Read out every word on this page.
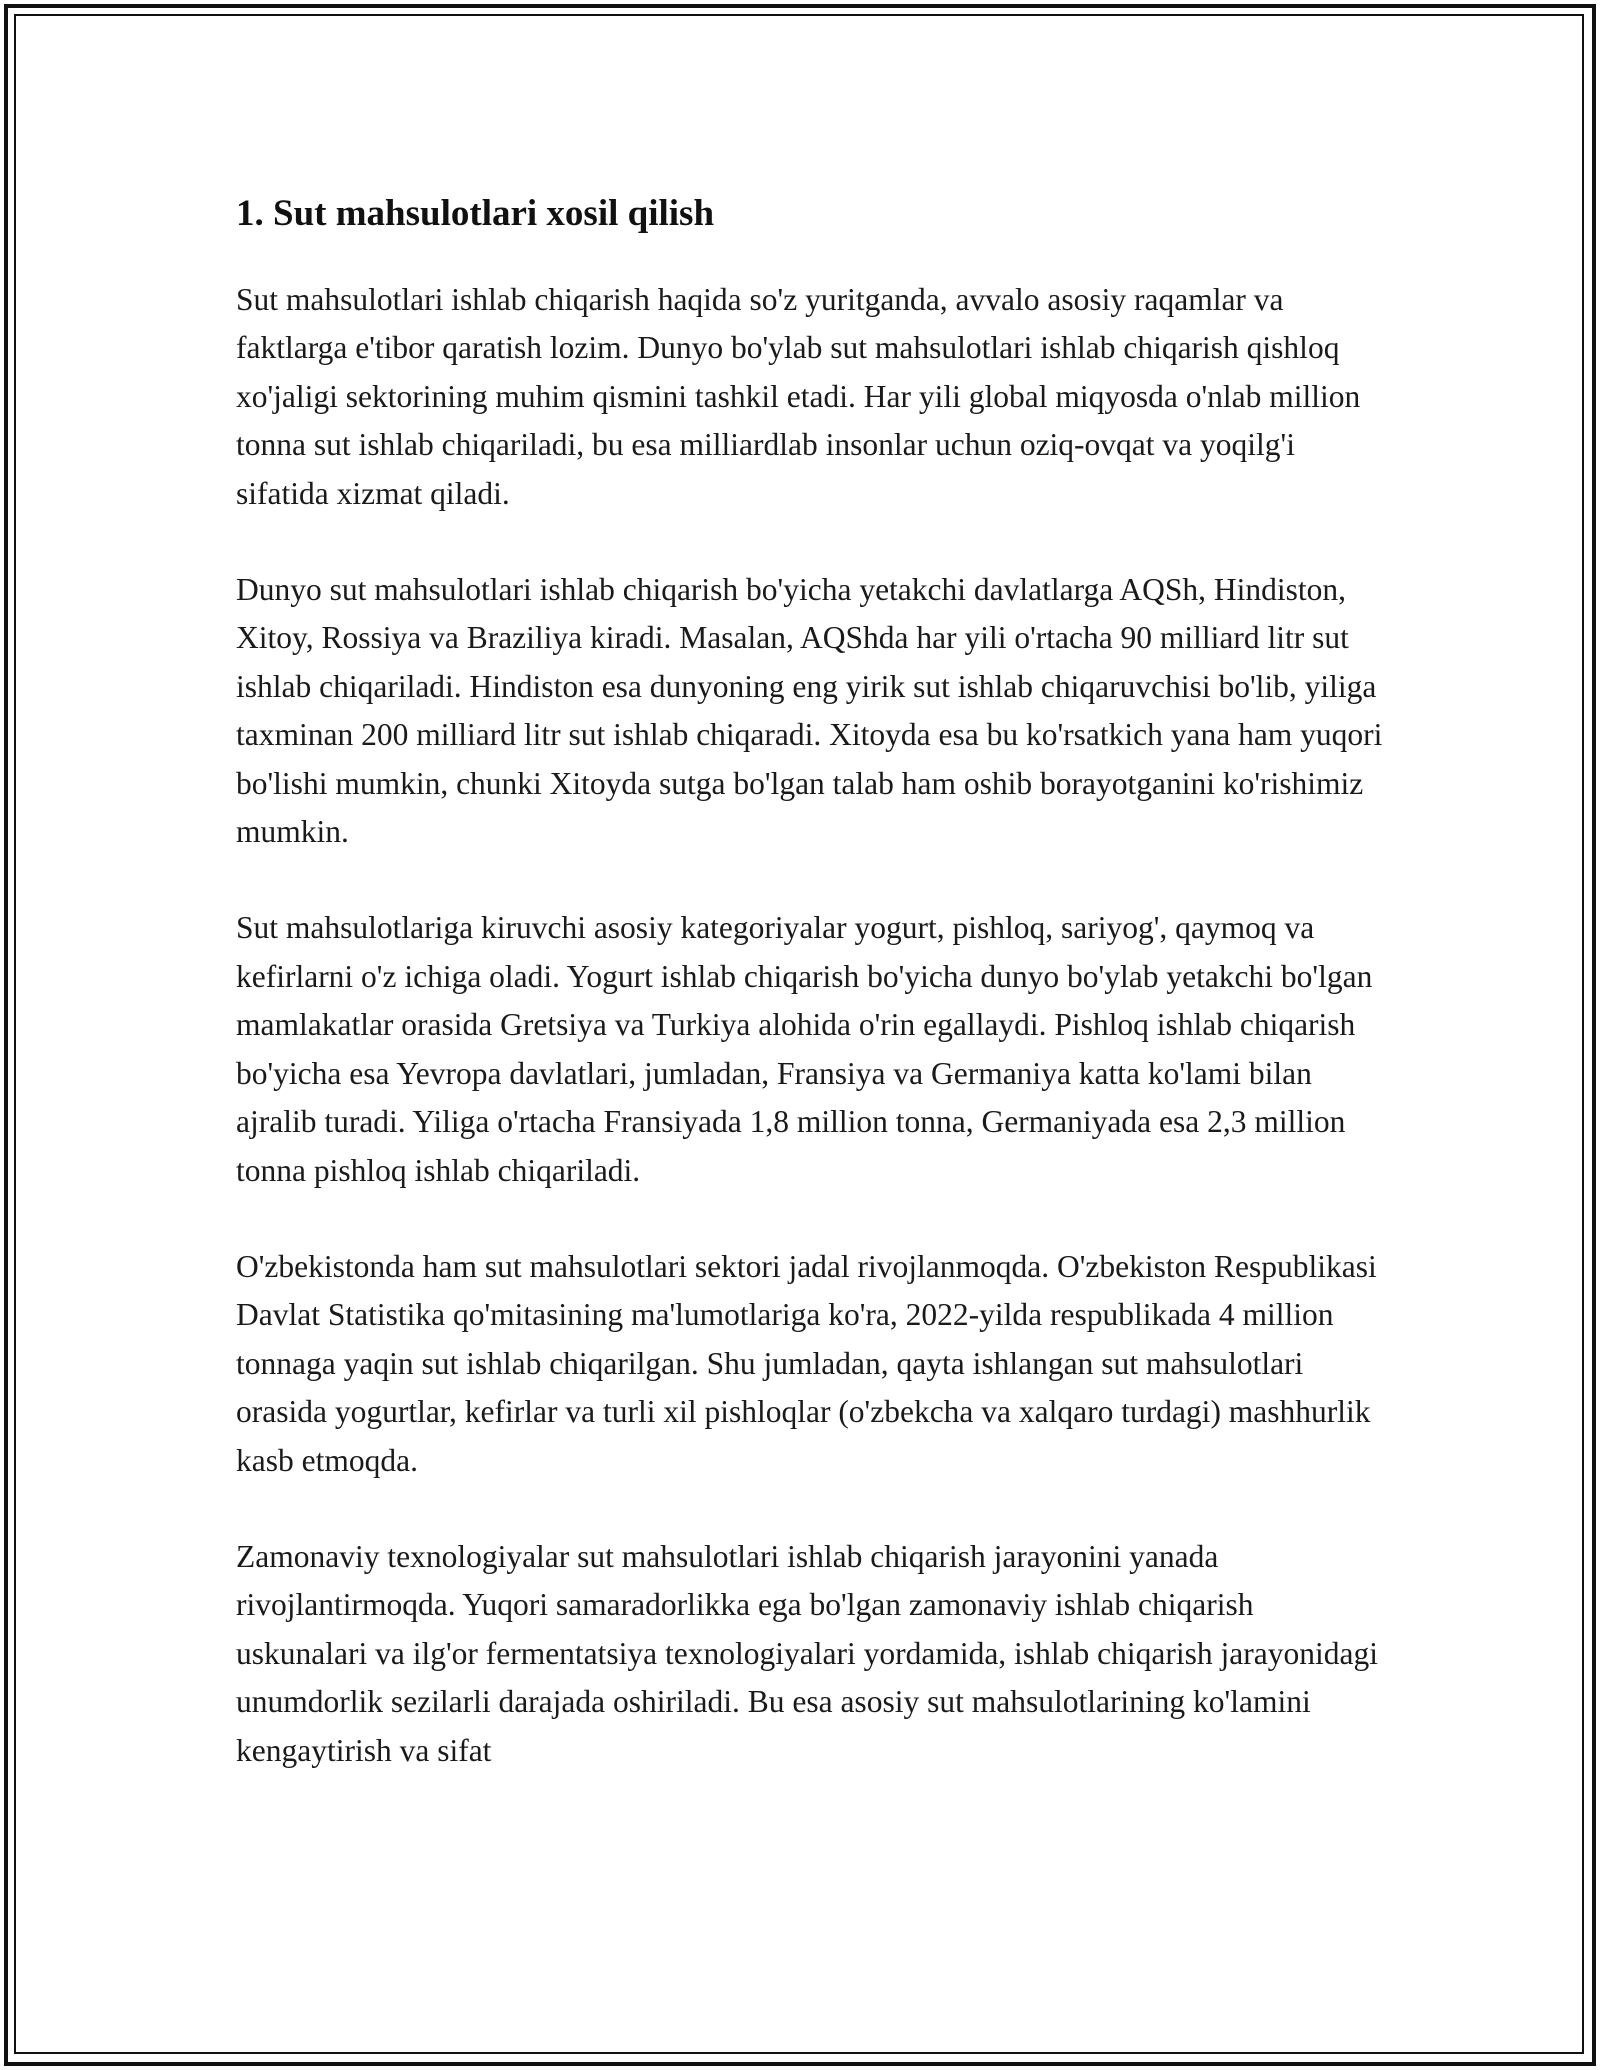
1. Sut mahsulotlari xosil qilish

Sut mahsulotlari ishlab chiqarish haqida so'z yuritganda, avvalo asosiy raqamlar va faktlarga e'tibor qaratish lozim. Dunyo bo'ylab sut mahsulotlari ishlab chiqarish qishloq xo'jaligi sektorining muhim qismini tashkil etadi. Har yili global miqyosda o'nlab million tonna sut ishlab chiqariladi, bu esa milliardlab insonlar uchun oziq-ovqat va yoqilg'i sifatida xizmat qiladi.

Dunyo sut mahsulotlari ishlab chiqarish bo'yicha yetakchi davlatlarga AQSh, Hindiston, Xitoy, Rossiya va Braziliya kiradi. Masalan, AQShda har yili o'rtacha 90 milliard litr sut ishlab chiqariladi. Hindiston esa dunyoning eng yirik sut ishlab chiqaruvchisi bo'lib, yiliga taxminan 200 milliard litr sut ishlab chiqaradi. Xitoyda esa bu ko'rsatkich yana ham yuqori bo'lishi mumkin, chunki Xitoyda sutga bo'lgan talab ham oshib borayotganini ko'rishimiz mumkin.

Sut mahsulotlariga kiruvchi asosiy kategoriyalar yogurt, pishloq, sariyog', qaymoq va kefirlarni o'z ichiga oladi. Yogurt ishlab chiqarish bo'yicha dunyo bo'ylab yetakchi bo'lgan mamlakatlar orasida Gretsiya va Turkiya alohida o'rin egallaydi. Pishloq ishlab chiqarish bo'yicha esa Yevropa davlatlari, jumladan, Fransiya va Germaniya katta ko'lami bilan ajralib turadi. Yiliga o'rtacha Fransiyada 1,8 million tonna, Germaniyada esa 2,3 million tonna pishloq ishlab chiqariladi.

O'zbekistonda ham sut mahsulotlari sektori jadal rivojlanmoqda. O'zbekiston Respublikasi Davlat Statistika qo'mitasining ma'lumotlariga ko'ra, 2022-yilda respublikada 4 million tonnaga yaqin sut ishlab chiqarilgan. Shu jumladan, qayta ishlangan sut mahsulotlari orasida yogurtlar, kefirlar va turli xil pishloqlar (o'zbekcha va xalqaro turdagi) mashhurlik kasb etmoqda.

Zamonaviy texnologiyalar sut mahsulotlari ishlab chiqarish jarayonini yanada rivojlantirmoqda. Yuqori samaradorlikka ega bo'lgan zamonaviy ishlab chiqarish uskunalari va ilg'or fermentatsiya texnologiyalari yordamida, ishlab chiqarish jarayonidagi unumdorlik sezilarli darajada oshiriladi. Bu esa asosiy sut mahsulotlarining ko'lamini kengaytirish va sifat
